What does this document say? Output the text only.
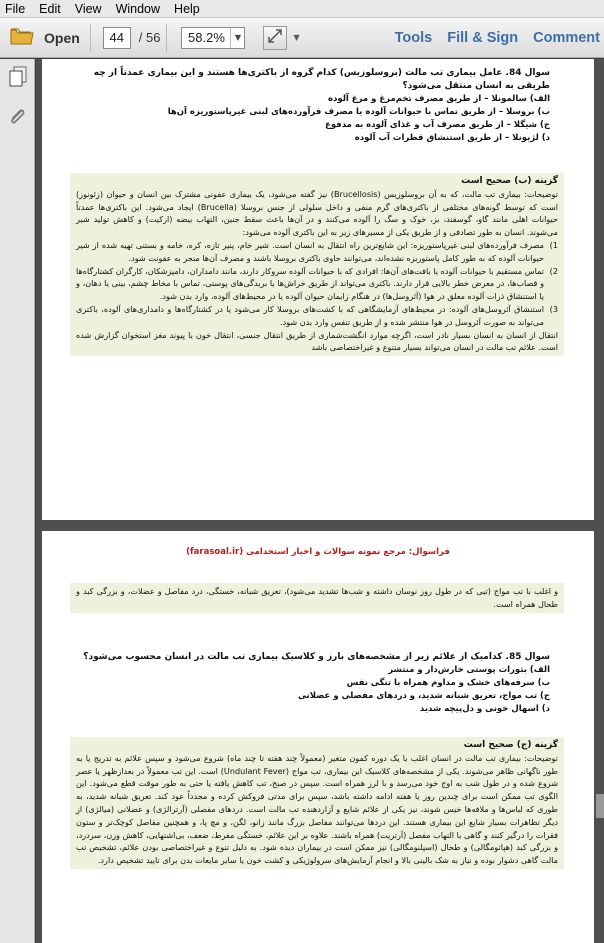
File	Edit	View	Window	Help
Open	44	/ 56	58.2%	▼	▼	Tools Fill & Sign Comment
سوال 84. عامل بیماری تب مالت (بروسلوزیس) کدام گروه از باکتری‌ها هستند و این بیماری عمدتاً از چه طریقی به انسان منتقل می‌شود؟
الف) سالمونلا – از طریق مصرف تخم‌مرغ و مرغ آلوده
ب) بروسلا – از طریق تماس با حیوانات آلوده یا مصرف فرآورده‌های لبنی غیرپاستوریزه آن‌ها
ج) شیگلا – از طریق مصرف آب و غذای آلوده به مدفوع
د) لژیونلا – از طریق استنشاق قطرات آب آلوده
گزینه (ب) صحیح است

توضیحات: بیماری تب مالت، که به آن بروسلوزیس (Brucellosis) نیز گفته می‌شود، یک بیماری عفونی مشترک بین انسان و حیوان (زئونوز) است که توسط گونه‌های مختلفی از باکتری‌های گرم منفی و داخل سلولی از جنس بروسلا (Brucella) ایجاد می‌شود. این باکتری‌ها عمدتاً حیوانات اهلی مانند گاو، گوسفند، بز، خوک و سگ را آلوده می‌کنند و در آن‌ها باعث سقط جنین، التهاب بیضه (ارکیت) و کاهش تولید شیر می‌شوند. انسان به طور تصادفی و از طریق یکی از مسیرهای زیر به این باکتری آلوده می‌شود:

1)
مصرف فرآورده‌های لبنی غیرپاستوریزه: این شایع‌ترین راه انتقال به انسان است. شیر خام، پنیر تازه، کره، خامه و بستنی تهیه شده از شیر حیوانات آلوده که به طور کامل پاستوریزه نشده‌اند، می‌توانند حاوی باکتری بروسلا باشند و مصرف آن‌ها منجر به عفونت شود.
2)
تماس مستقیم با حیوانات آلوده یا بافت‌های آن‌ها: افرادی که با حیوانات آلوده سروکار دارند، مانند دامداران، دامپزشکان، کارگران کشتارگاه‌ها و قصاب‌ها، در معرض خطر بالایی قرار دارند. باکتری می‌تواند از طریق خراش‌ها یا بریدگی‌های پوستی، تماس با مخاط چشم، بینی یا دهان، و یا استنشاق ذرات آلوده معلق در هوا (آئروسل‌ها) در هنگام زایمان حیوان آلوده یا در محیط‌های آلوده، وارد بدن شود.
3)
استنشاق آئروسل‌های آلوده: در محیط‌های آزمایشگاهی که با کشت‌های بروسلا کار می‌شود یا در کشتارگاه‌ها و دامداری‌های آلوده، باکتری می‌تواند به صورت آئروسل در هوا منتشر شده و از طریق تنفس وارد بدن شود.

انتقال از انسان به انسان بسیار نادر است، اگرچه موارد انگشت‌شماری از طریق انتقال جنسی، انتقال خون یا پیوند مغز استخوان گزارش شده است. علائم تب مالت در انسان می‌تواند بسیار متنوع و غیراختصاصی باشد

فراسوال: مرجع نمونه سوالات و اخبار استخدامی (farasoal.ir)

و اغلب با تب مواج (تبی که در طول روز نوسان داشته و شب‌ها تشدید می‌شود)، تعریق شبانه، خستگی، درد مفاصل و عضلات، و بزرگی کبد و طحال همراه است.

سوال 85. کدامیک از علائم زیر از مشخصه‌های بارز و کلاسیک بیماری تب مالت در انسان محسوب می‌شود؟
الف) بثورات پوستی خارش‌دار و منتشر
ب) سرفه‌های خشک و مداوم همراه با تنگی نفس
ج) تب مواج، تعریق شبانه شدید، و دردهای مفصلی و عضلانی
د) اسهال خونی و دل‌پیچه شدید
گزینه (ج) صحیح است

توضیحات: بیماری تب مالت در انسان اغلب با یک دوره کمون متغیر (معمولاً چند هفته تا چند ماه) شروع می‌شود و سپس علائم به تدریج یا به طور ناگهانی ظاهر می‌شوند. یکی از مشخصه‌های کلاسیک این بیماری، تب مواج (Undulant Fever) است. این تب معمولاً در بعدازظهر یا عصر شروع شده و در طول شب به اوج خود می‌رسد و با لرز همراه است. سپس در صبح، تب کاهش یافته یا حتی به طور موقت قطع می‌شود. این الگوی تب ممکن است برای چندین روز یا هفته ادامه داشته باشد، سپس برای مدتی فروکش کرده و مجدداً عود کند. تعریق شبانه شدید، به طوری که لباس‌ها و ملافه‌ها خیس شوند، نیز یکی از علائم شایع و آزاردهنده تب مالت است. دردهای مفصلی (آرترالژی) و عضلانی (میالژی) از دیگر تظاهرات بسیار شایع این بیماری هستند. این دردها می‌توانند مفاصل بزرگ مانند زانو، لگن، و مچ پا، و همچنین مفاصل کوچک‌تر و ستون فقرات را درگیر کنند و گاهی با التهاب مفصل (آرتریت) همراه باشند. علاوه بر این علائم، خستگی مفرط، ضعف، بی‌اشتهایی، کاهش وزن، سردرد، و بزرگی کبد (هپاتومگالی) و طحال (اسپلنومگالی) نیز ممکن است در بیماران دیده شود. به دلیل تنوع و غیراختصاصی بودن علائم، تشخیص تب مالت گاهی دشوار بوده و نیاز به شک بالینی بالا و انجام آزمایش‌های سرولوژیکی و کشت خون یا سایر مایعات بدن برای تایید تشخیص دارد.
